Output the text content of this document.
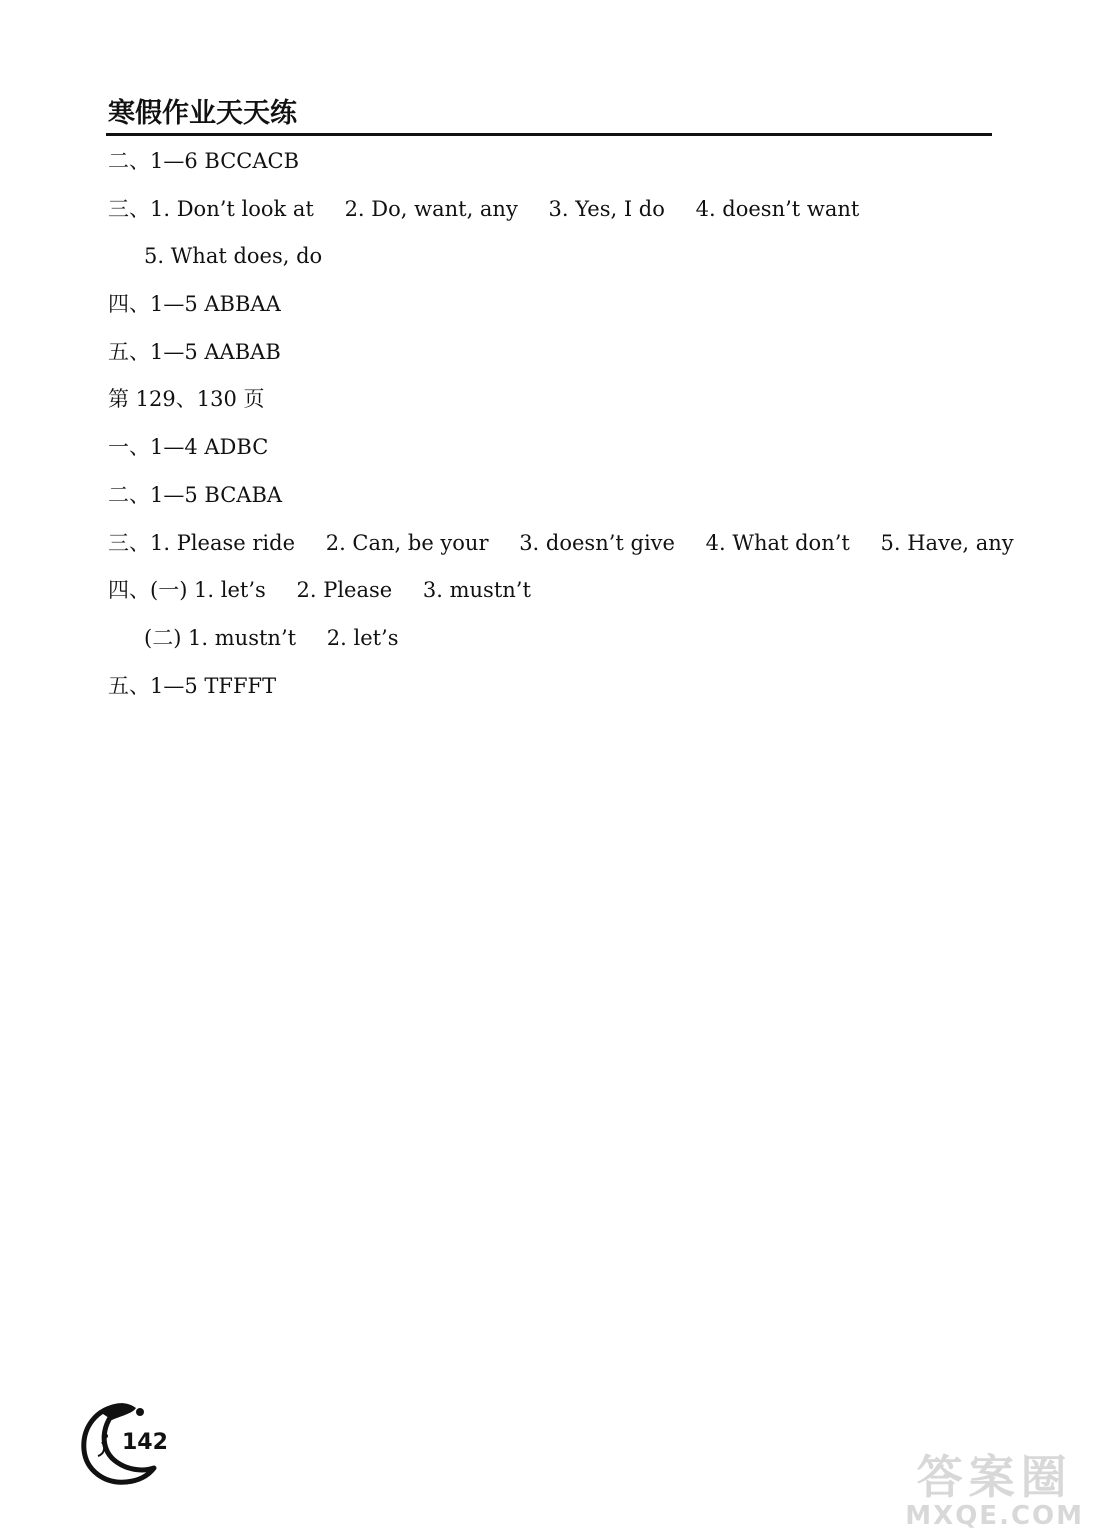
寒假作业天天练
二、1—6 BCCACB
三、1. Don’t look at 2. Do, want, any 3. Yes, I do 4. doesn’t want
5. What does, do
四、1—5 ABBAA
五、1—5 AABAB
第 129、130 页
一、1—4 ADBC
二、1—5 BCABA
三、1. Please ride 2. Can, be your 3. doesn’t give 4. What don’t 5. Have, any
四、(一) 1. let’s 2. Please 3. mustn’t
(二) 1. mustn’t 2. let’s
五、1—5 TFFFT
142
答案圈
MXQE.COM
